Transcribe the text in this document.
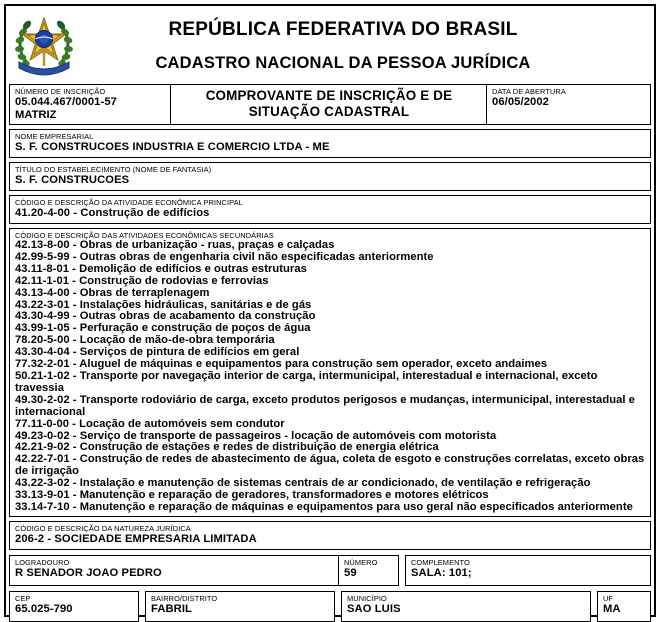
REPÚBLICA FEDERATIVA DO BRASIL
CADASTRO NACIONAL DA PESSOA JURÍDICA
NÚMERO DE INSCRIÇÃO
05.044.467/0001-57
MATRIZ
COMPROVANTE DE INSCRIÇÃO E DE SITUAÇÃO CADASTRAL
DATA DE ABERTURA
06/05/2002
NOME EMPRESARIAL
S. F. CONSTRUCOES INDUSTRIA E COMERCIO LTDA - ME
TÍTULO DO ESTABELECIMENTO (NOME DE FANTASIA)
S. F. CONSTRUCOES
CÓDIGO E DESCRIÇÃO DA ATIVIDADE ECONÔMICA PRINCIPAL
41.20-4-00 - Construção de edifícios
CÓDIGO E DESCRIÇÃO DAS ATIVIDADES ECONÔMICAS SECUNDÁRIAS
42.13-8-00 - Obras de urbanização - ruas, praças e calçadas
42.99-5-99 - Outras obras de engenharia civil não especificadas anteriormente
43.11-8-01 - Demolição de edifícios e outras estruturas
42.11-1-01 - Construção de rodovias e ferrovias
43.13-4-00 - Obras de terraplenagem
43.22-3-01 - Instalações hidráulicas, sanitárias e de gás
43.30-4-99 - Outras obras de acabamento da construção
43.99-1-05 - Perfuração e construção de poços de água
78.20-5-00 - Locação de mão-de-obra temporária
43.30-4-04 - Serviços de pintura de edifícios em geral
77.32-2-01 - Aluguel de máquinas e equipamentos para construção sem operador, exceto andaimes
50.21-1-02 - Transporte por navegação interior de carga, intermunicipal, interestadual e internacional, exceto travessia
49.30-2-02 - Transporte rodoviário de carga, exceto produtos perigosos e mudanças, intermunicipal, interestadual e internacional
77.11-0-00 - Locação de automóveis sem condutor
49.23-0-02 - Serviço de transporte de passageiros - locação de automóveis com motorista
42.21-9-02 - Construção de estações e redes de distribuição de energia elétrica
42.22-7-01 - Construção de redes de abastecimento de água, coleta de esgoto e construções correlatas, exceto obras de irrigação
43.22-3-02 - Instalação e manutenção de sistemas centrais de ar condicionado, de ventilação e refrigeração
33.13-9-01 - Manutenção e reparação de geradores, transformadores e motores elétricos
33.14-7-10 - Manutenção e reparação de máquinas e equipamentos para uso geral não especificados anteriormente
CÓDIGO E DESCRIÇÃO DA NATUREZA JURÍDICA
206-2 - SOCIEDADE EMPRESARIA LIMITADA
LOGRADOURO
R SENADOR JOAO PEDRO
NÚMERO
59
COMPLEMENTO
SALA: 101;
CEP
65.025-790
BAIRRO/DISTRITO
FABRIL
MUNICÍPIO
SAO LUIS
UF
MA
